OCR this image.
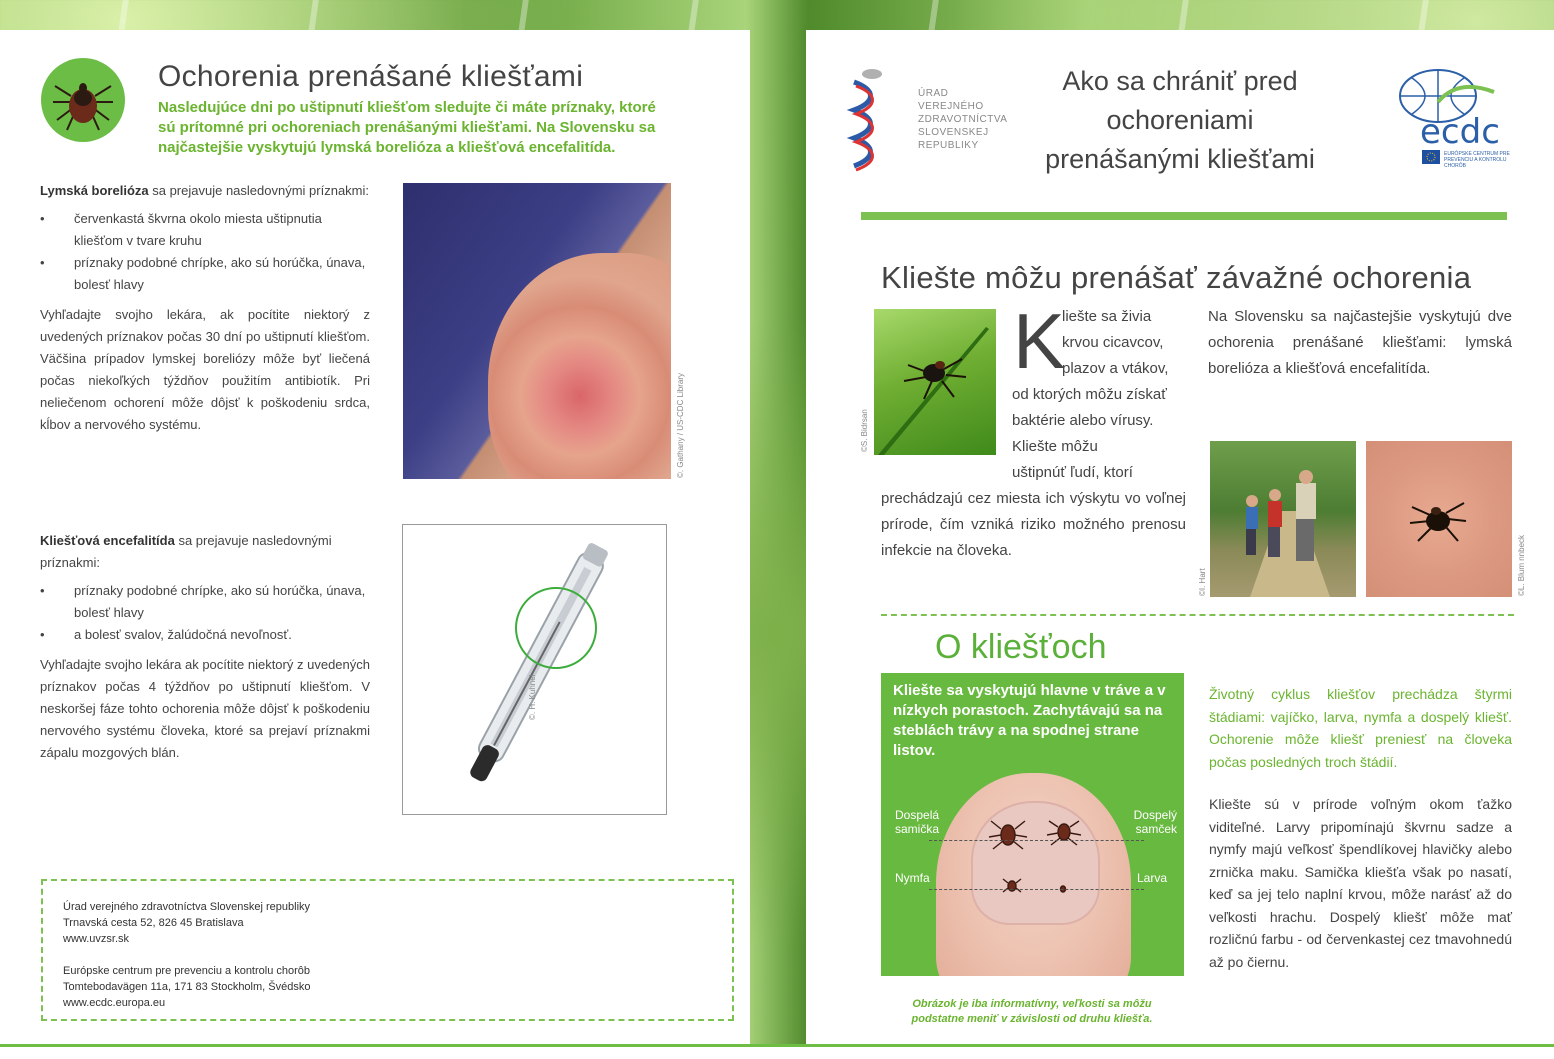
Ochorenia prenášané kliešťami
Nasledujúce dni po uštipnutí kliešťom sledujte či máte príznaky, ktoré sú prítomné pri ochoreniach prenášanými kliešťami. Na Slovensku sa najčastejšie vyskytujú lymská borelióza a kliešťová encefalitída.
Lymská borelióza sa prejavuje nasledovnými príznakmi:
• červenkastá škvrna okolo miesta uštipnutia kliešťom v tvare kruhu
• príznaky podobné chrípke, ako sú horúčka, únava, bolesť hlavy

Vyhľadajte svojho lekára, ak pocítite niektorý z uvedených príznakov počas 30 dní po uštipnutí kliešťom. Väčšina prípadov lymskej boreliózy môže byť liečená počas niekoľkých týždňov použitím antibiotík. Pri neliečenom ochorení môže dôjsť k poškodeniu srdca, kĺbov a nervového systému.	©. Gathany / US-CDC Library
Kliešťová encefalitída sa prejavuje nasledovnými príznakmi:
• príznaky podobné chrípke, ako sú horúčka, únava, bolesť hlavy
• a bolesť svalov, žalúdočná nevoľnosť.

Vyhľadajte svojho lekára ak pocítite niektorý z uvedených príznakov počas 4 týždňov po uštipnutí kliešťom. V neskoršej fáze tohto ochorenia môže dôjsť k poškodeniu nervového systému človeka, ktoré sa prejaví príznakmi zápalu mozgových blán.

©. H. Kuhnel
Úrad verejného zdravotníctva Slovenskej republiky
Trnavská cesta 52, 826 45 Bratislava
www.uvzsr.sk
Európske centrum pre prevenciu a kontrolu chorôb
Tomtebodavägen 11a, 171 83 Stockholm, Švédsko
www.ecdc.europa.eu
ÚRAD
VEREJNÉHO
ZDRAVOTNÍCTVA
SLOVENSKEJ
REPUBLIKY
Ako sa chrániť pred
ochoreniami
prenášanými kliešťami
ecdc
EURÓPSKE CENTRUM PRE PREVENCIU A KONTROLU CHORÔB
Kliešte môžu prenášať závažné ochorenia
©S. Bidrsan
K
liešte sa živia
krvou cicavcov,
plazov a vtákov,
od ktorých môžu získať
baktérie alebo vírusy.
Kliešte môžu
uštipnúť ľudí, ktorí
prechádzajú cez miesta ich výskytu vo voľnej prírode, čím vzniká riziko možného prenosu infekcie na človeka.
Na Slovensku sa najčastejšie vyskytujú dve ochorenia prenášané kliešťami: lymská borelióza a kliešťová encefalitída.
©I. Hart	©L. Blum nnbeck
O kliešťoch
Kliešte sa vyskytujú hlavne v tráve a v nízkych porastoch. Zachytávajú sa na steblách trávy a na spodnej strane listov.
Dospelá samička
Dospelý samček
Nymfa	Larva
Obrázok je iba informatívny, veľkosti sa môžu podstatne meniť v závislosti od druhu kliešťa.
Životný cyklus kliešťov prechádza štyrmi štádiami: vajíčko, larva, nymfa a dospelý kliešť. Ochorenie môže kliešť preniesť na človeka počas posledných troch štádií.
Kliešte sú v prírode voľným okom ťažko viditeľné. Larvy pripomínajú škvrnu sadze a nymfy majú veľkosť špendlíkovej hlavičky alebo zrnička maku. Samička kliešťa však po nasatí, keď sa jej telo naplní krvou, môže narásť až do veľkosti hrachu. Dospelý kliešť môže mať rozličnú farbu - od červenkastej cez tmavohnedú až po čiernu.
